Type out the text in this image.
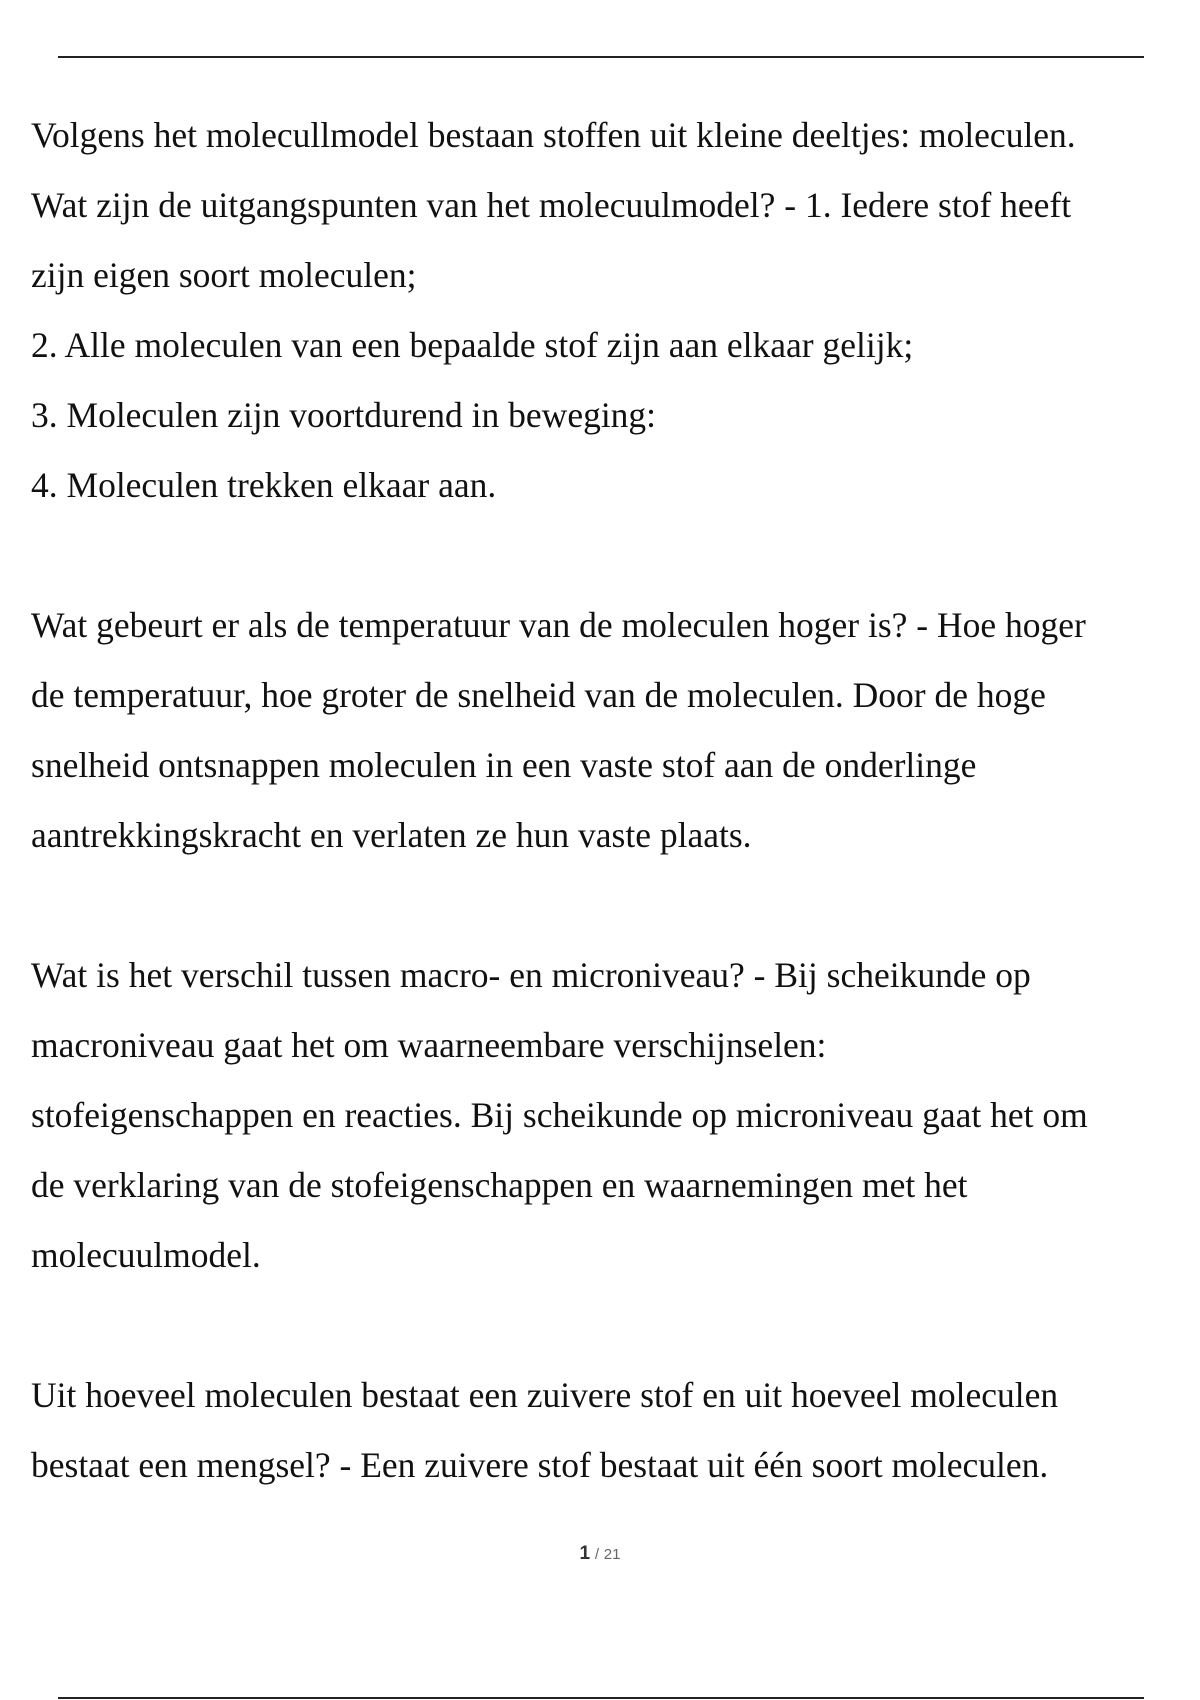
Volgens het molecullmodel bestaan stoffen uit kleine deeltjes: moleculen.
Wat zijn de uitgangspunten van het molecuulmodel? - 1. Iedere stof heeft
zijn eigen soort moleculen;
2. Alle moleculen van een bepaalde stof zijn aan elkaar gelijk;
3. Moleculen zijn voortdurend in beweging:
4. Moleculen trekken elkaar aan.
Wat gebeurt er als de temperatuur van de moleculen hoger is? - Hoe hoger
de temperatuur, hoe groter de snelheid van de moleculen. Door de hoge
snelheid ontsnappen moleculen in een vaste stof aan de onderlinge
aantrekkingskracht en verlaten ze hun vaste plaats.
Wat is het verschil tussen macro- en microniveau? - Bij scheikunde op
macroniveau gaat het om waarneembare verschijnselen:
stofeigenschappen en reacties. Bij scheikunde op microniveau gaat het om
de verklaring van de stofeigenschappen en waarnemingen met het
molecuulmodel.
Uit hoeveel moleculen bestaat een zuivere stof en uit hoeveel moleculen
bestaat een mengsel? - Een zuivere stof bestaat uit één soort moleculen.
1 / 21
